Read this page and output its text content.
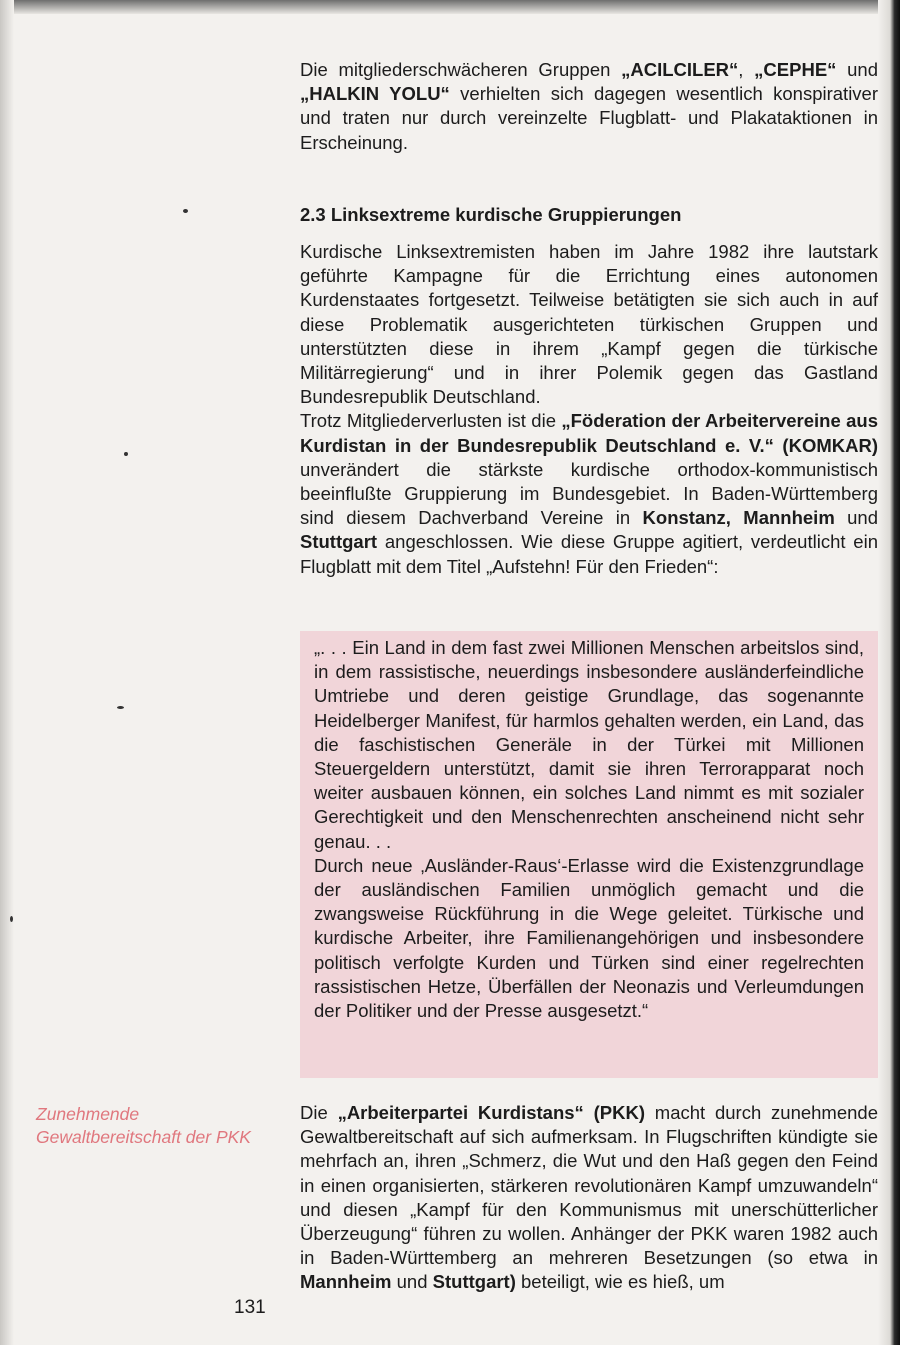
Die mitgliederschwächeren Gruppen „ACILCILER“, „CEPHE“ und „HALKIN YOLU“ verhielten sich dagegen wesentlich konspirativer und traten nur durch vereinzelte Flugblatt- und Plakataktionen in Erscheinung.

2.3 Linksextreme kurdische Gruppierungen

Kurdische Linksextremisten haben im Jahre 1982 ihre lautstark geführte Kampagne für die Errichtung eines autonomen Kurdenstaates fortgesetzt. Teilweise betätigten sie sich auch in auf diese Problematik ausgerichteten türkischen Gruppen und unterstützten diese in ihrem „Kampf gegen die türkische Militärregierung“ und in ihrer Polemik gegen das Gastland Bundesrepublik Deutschland.

Trotz Mitgliederverlusten ist die „Föderation der Arbeitervereine aus Kurdistan in der Bundesrepublik Deutschland e. V.“ (KOMKAR) unverändert die stärkste kurdische orthodox-kommunistisch beeinflußte Gruppierung im Bundesgebiet. In Baden-Württemberg sind diesem Dachverband Vereine in Konstanz, Mannheim und Stuttgart angeschlossen. Wie diese Gruppe agitiert, verdeutlicht ein Flugblatt mit dem Titel „Aufstehn! Für den Frieden“:

„. . . Ein Land in dem fast zwei Millionen Menschen arbeitslos sind, in dem rassistische, neuerdings insbesondere ausländerfeindliche Umtriebe und deren geistige Grundlage, das sogenannte Heidelberger Manifest, für harmlos gehalten werden, ein Land, das die faschistischen Generäle in der Türkei mit Millionen Steuergeldern unterstützt, damit sie ihren Terrorapparat noch weiter ausbauen können, ein solches Land nimmt es mit sozialer Gerechtigkeit und den Menschenrechten anscheinend nicht sehr genau. . .

Durch neue ‚Ausländer-Raus‘-Erlasse wird die Existenzgrundlage der ausländischen Familien unmöglich gemacht und die zwangsweise Rückführung in die Wege geleitet. Türkische und kurdische Arbeiter, ihre Familienangehörigen und insbesondere politisch verfolgte Kurden und Türken sind einer regelrechten rassistischen Hetze, Überfällen der Neonazis und Verleumdungen der Politiker und der Presse ausgesetzt.“

Zunehmende Gewaltbereitschaft der PKK

Die „Arbeiterpartei Kurdistans“ (PKK) macht durch zunehmende Gewaltbereitschaft auf sich aufmerksam. In Flugschriften kündigte sie mehrfach an, ihren „Schmerz, die Wut und den Haß gegen den Feind in einen organisierten, stärkeren revolutionären Kampf umzuwandeln“ und diesen „Kampf für den Kommunismus mit unerschütterlicher Überzeugung“ führen zu wollen. Anhänger der PKK waren 1982 auch in Baden-Württemberg an mehreren Besetzungen (so etwa in Mannheim und Stuttgart) beteiligt, wie es hieß, um

131
